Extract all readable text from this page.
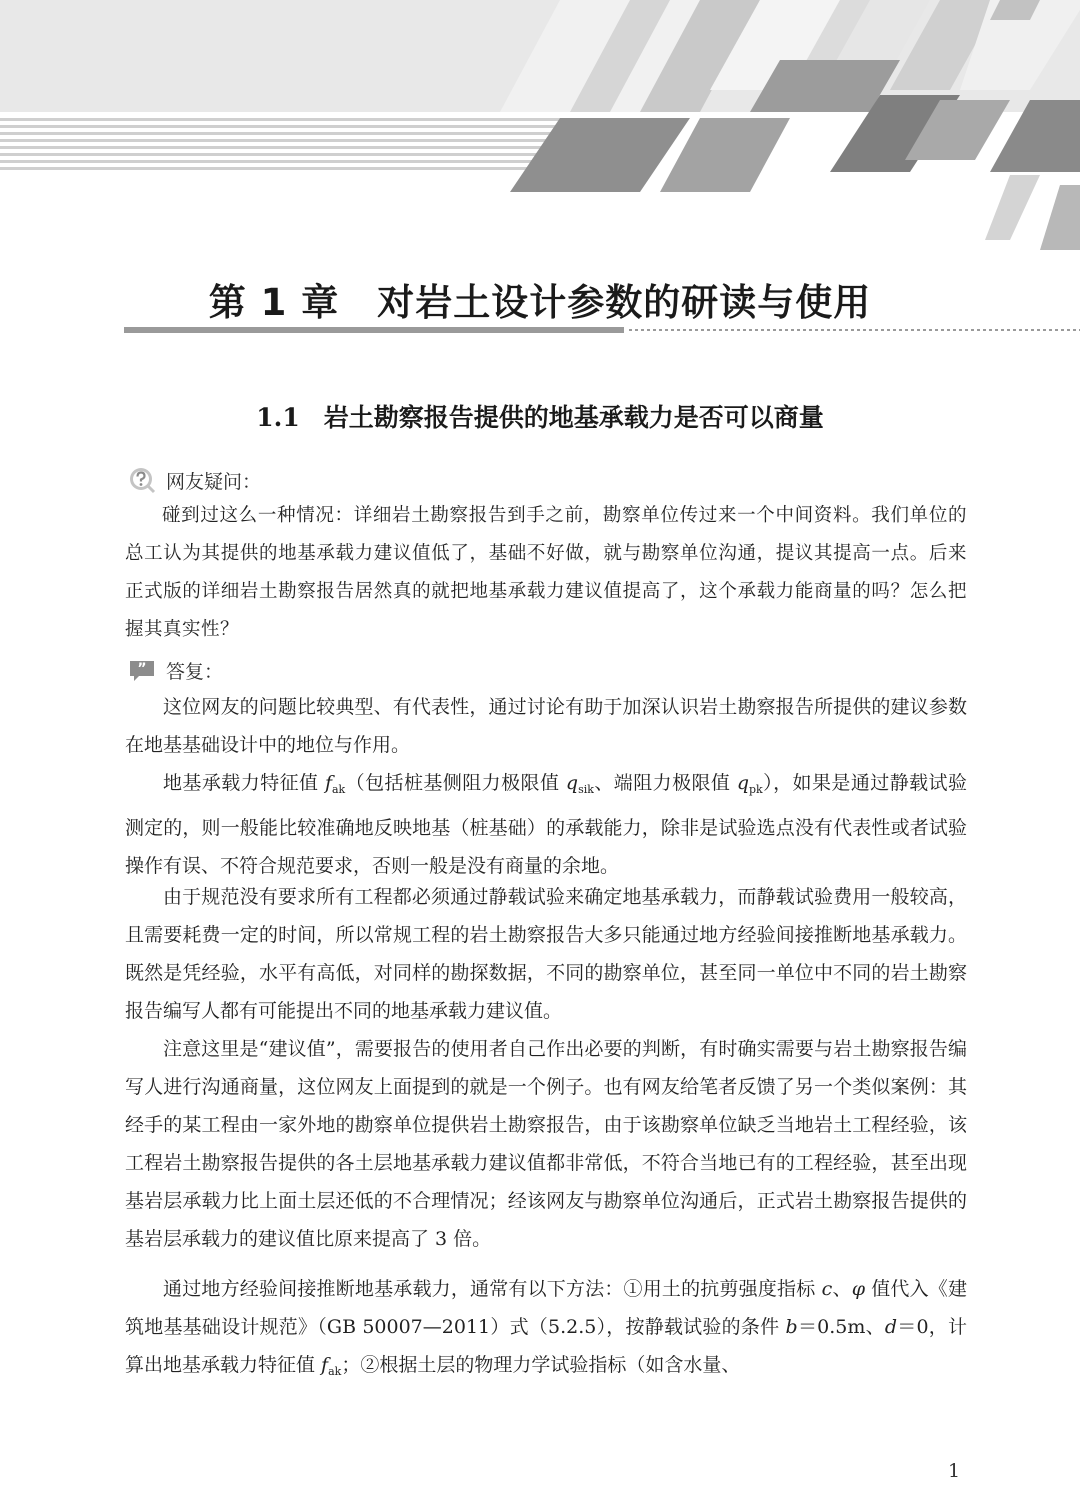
第 1 章 对岩土设计参数的研读与使用
1.1 岩土勘察报告提供的地基承载力是否可以商量
网友疑问：

碰到过这么一种情况：详细岩土勘察报告到手之前，勘察单位传过来一个中间资料。我们单位的总工认为其提供的地基承载力建议值低了，基础不好做，就与勘察单位沟通，提议其提高一点。后来正式版的详细岩土勘察报告居然真的就把地基承载力建议值提高了，这个承载力能商量的吗？怎么把握其真实性？

” 答复：

这位网友的问题比较典型、有代表性，通过讨论有助于加深认识岩土勘察报告所提供的建议参数在地基基础设计中的地位与作用。

地基承载力特征值 $f_{ak}$（包括桩基侧阻力极限值 $q_{sik}$、端阻力极限值 $q_{pk}$），如果是通过静载试验测定的，则一般能比较准确地反映地基（桩基础）的承载能力，除非是试验选点没有代表性或者试验操作有误、不符合规范要求，否则一般是没有商量的余地。

由于规范没有要求所有工程都必须通过静载试验来确定地基承载力，而静载试验费用一般较高，且需要耗费一定的时间，所以常规工程的岩土勘察报告大多只能通过地方经验间接推断地基承载力。既然是凭经验，水平有高低，对同样的勘探数据，不同的勘察单位，甚至同一单位中不同的岩土勘察报告编写人都有可能提出不同的地基承载力建议值。

注意这里是“建议值”，需要报告的使用者自己作出必要的判断，有时确实需要与岩土勘察报告编写人进行沟通商量，这位网友上面提到的就是一个例子。也有网友给笔者反馈了另一个类似案例：其经手的某工程由一家外地的勘察单位提供岩土勘察报告，由于该勘察单位缺乏当地岩土工程经验，该工程岩土勘察报告提供的各土层地基承载力建议值都非常低，不符合当地已有的工程经验，甚至出现基岩层承载力比上面土层还低的不合理情况；经该网友与勘察单位沟通后，正式岩土勘察报告提供的基岩层承载力的建议值比原来提高了 3 倍。

通过地方经验间接推断地基承载力，通常有以下方法：①用土的抗剪强度指标 c、φ 值代入《建筑地基基础设计规范》（GB 50007—2011）式（5.2.5），按静载试验的条件 b＝0.5m、d＝0，计算出地基承载力特征值 $f_{ak}$；②根据土层的物理力学试验指标（如含水量、

1
